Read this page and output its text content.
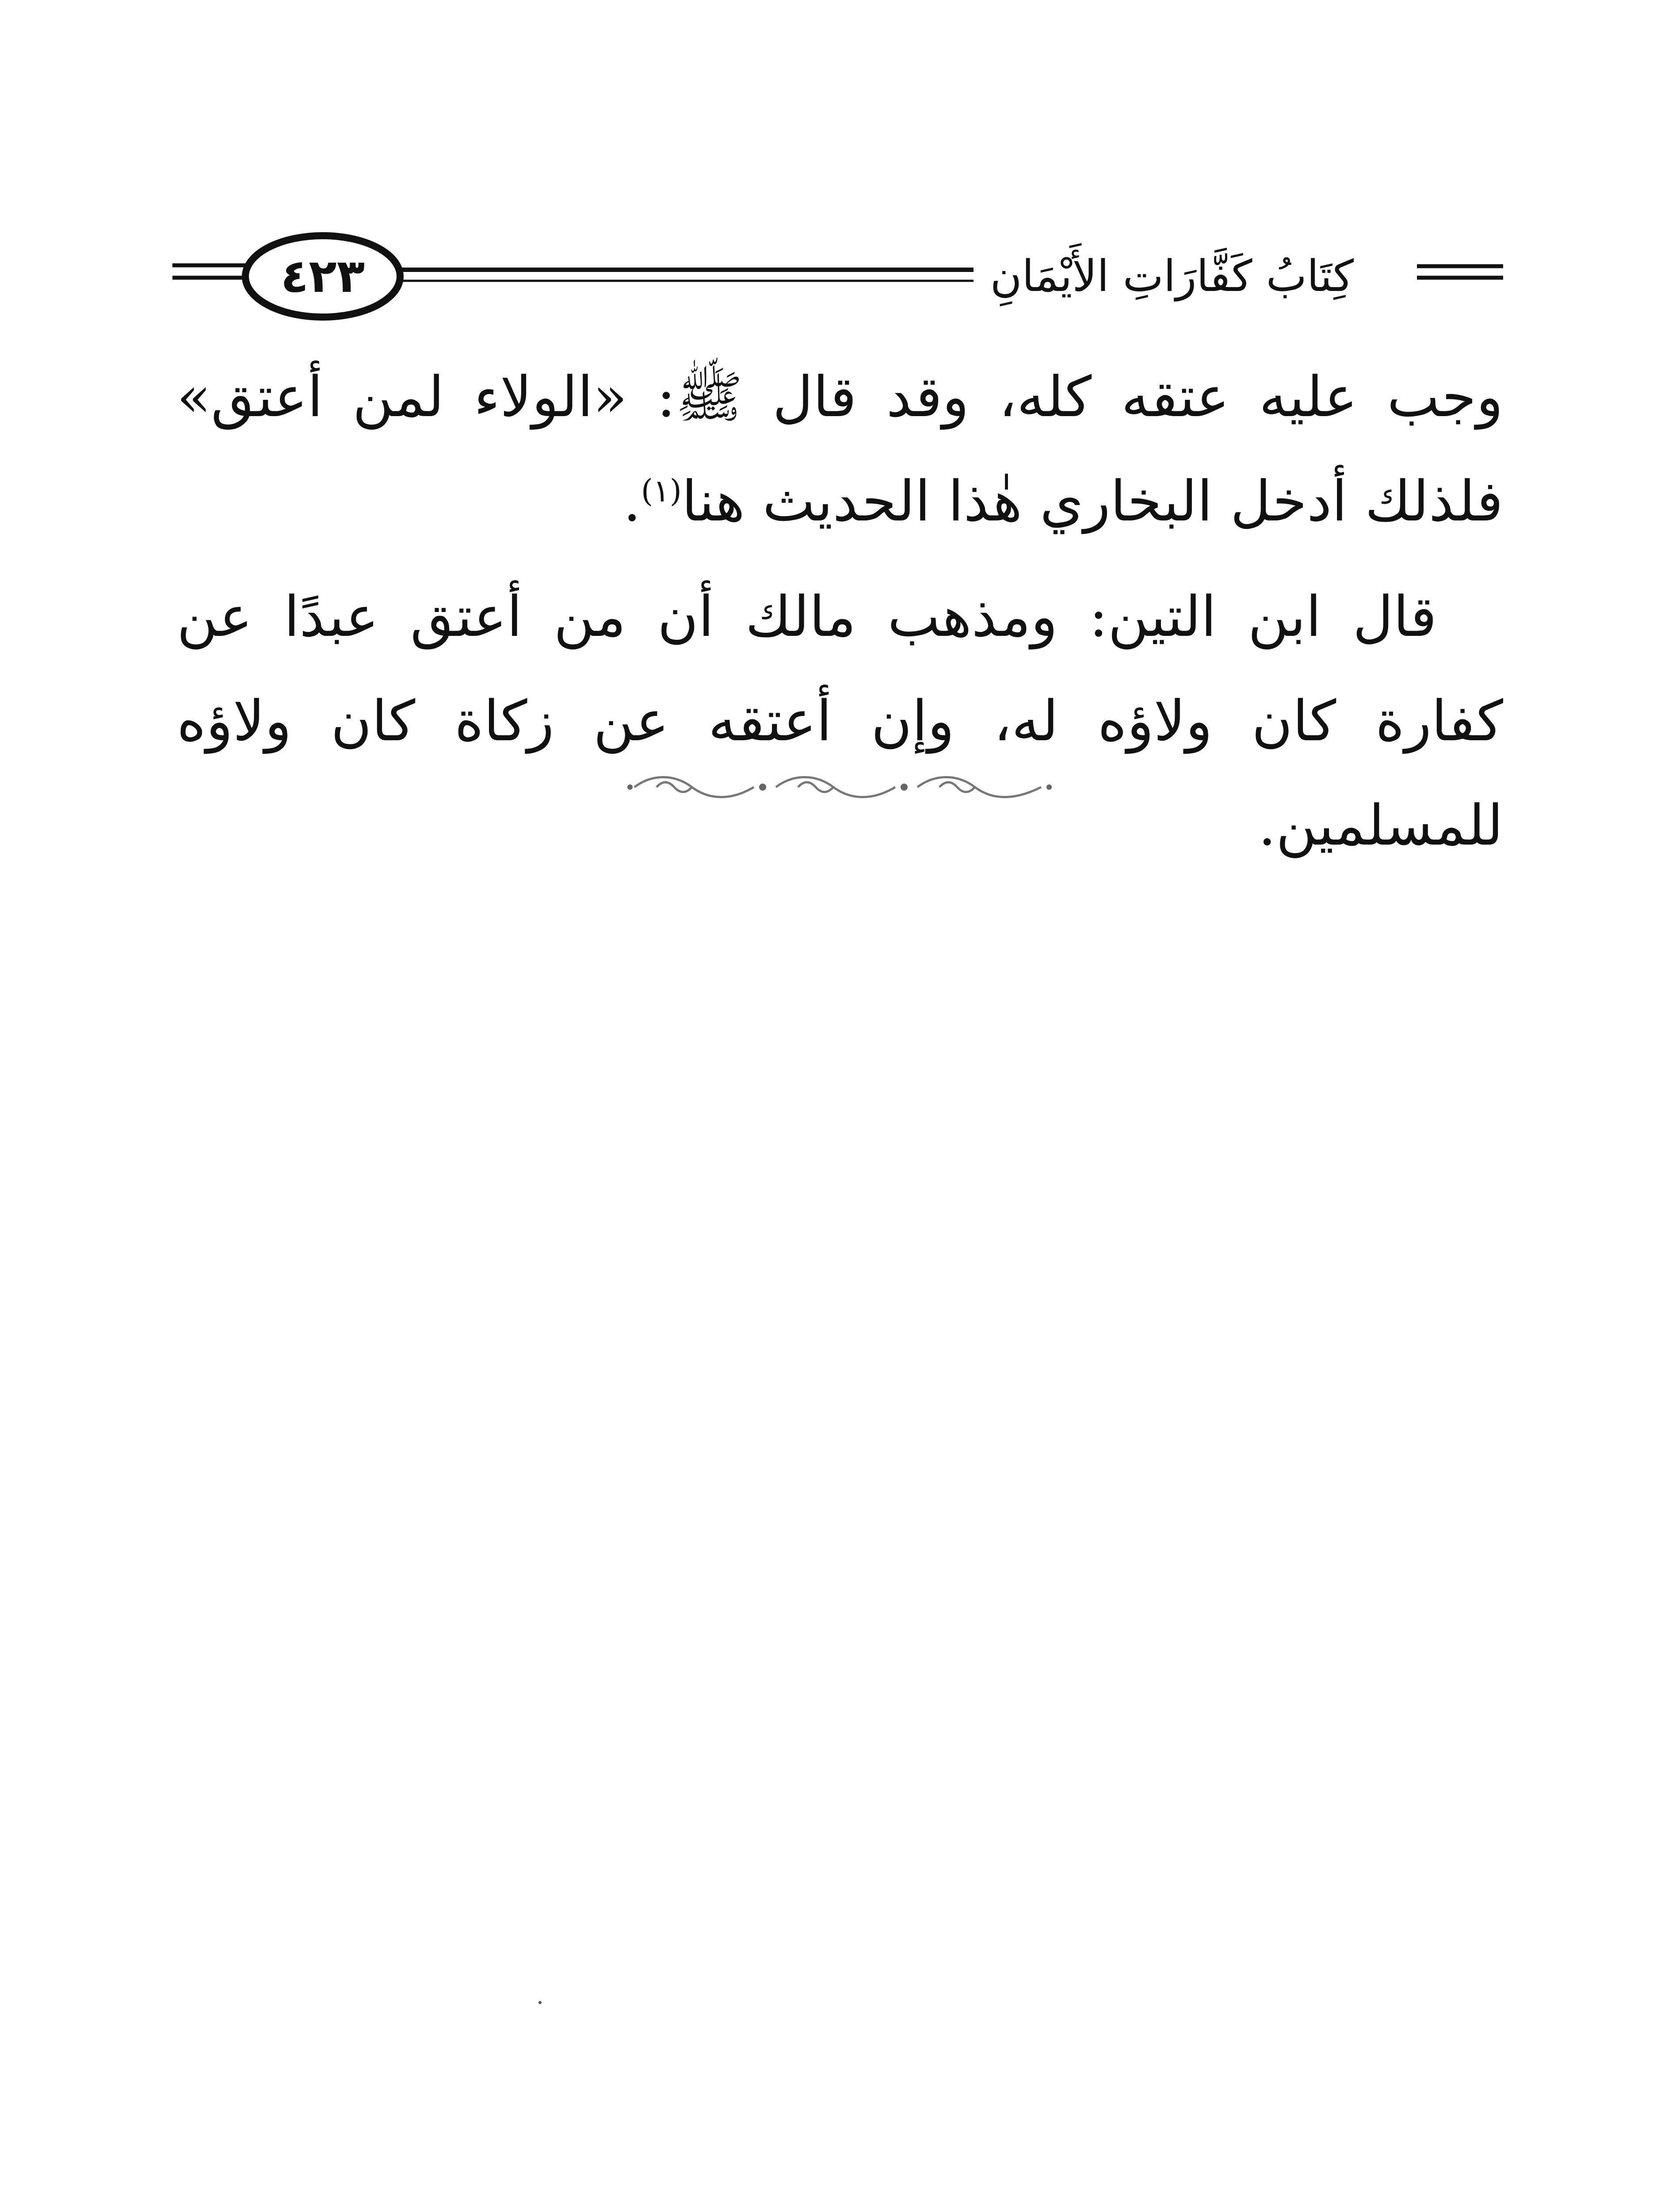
٤٢٣	كِتَابُ كَفَّارَاتِ الأَيْمَانِ

وجب عليه عتقه كله، وقد قال ﷺ: «الولاء لمن أعتق» فلذلك أدخل البخاري هٰذا الحديث هنا$^{(١)}$.

قال ابن التين: ومذهب مالك أن من أعتق عبدًا عن كفارة كان ولاؤه له، وإن أعتقه عن زكاة كان ولاؤه للمسلمين.
